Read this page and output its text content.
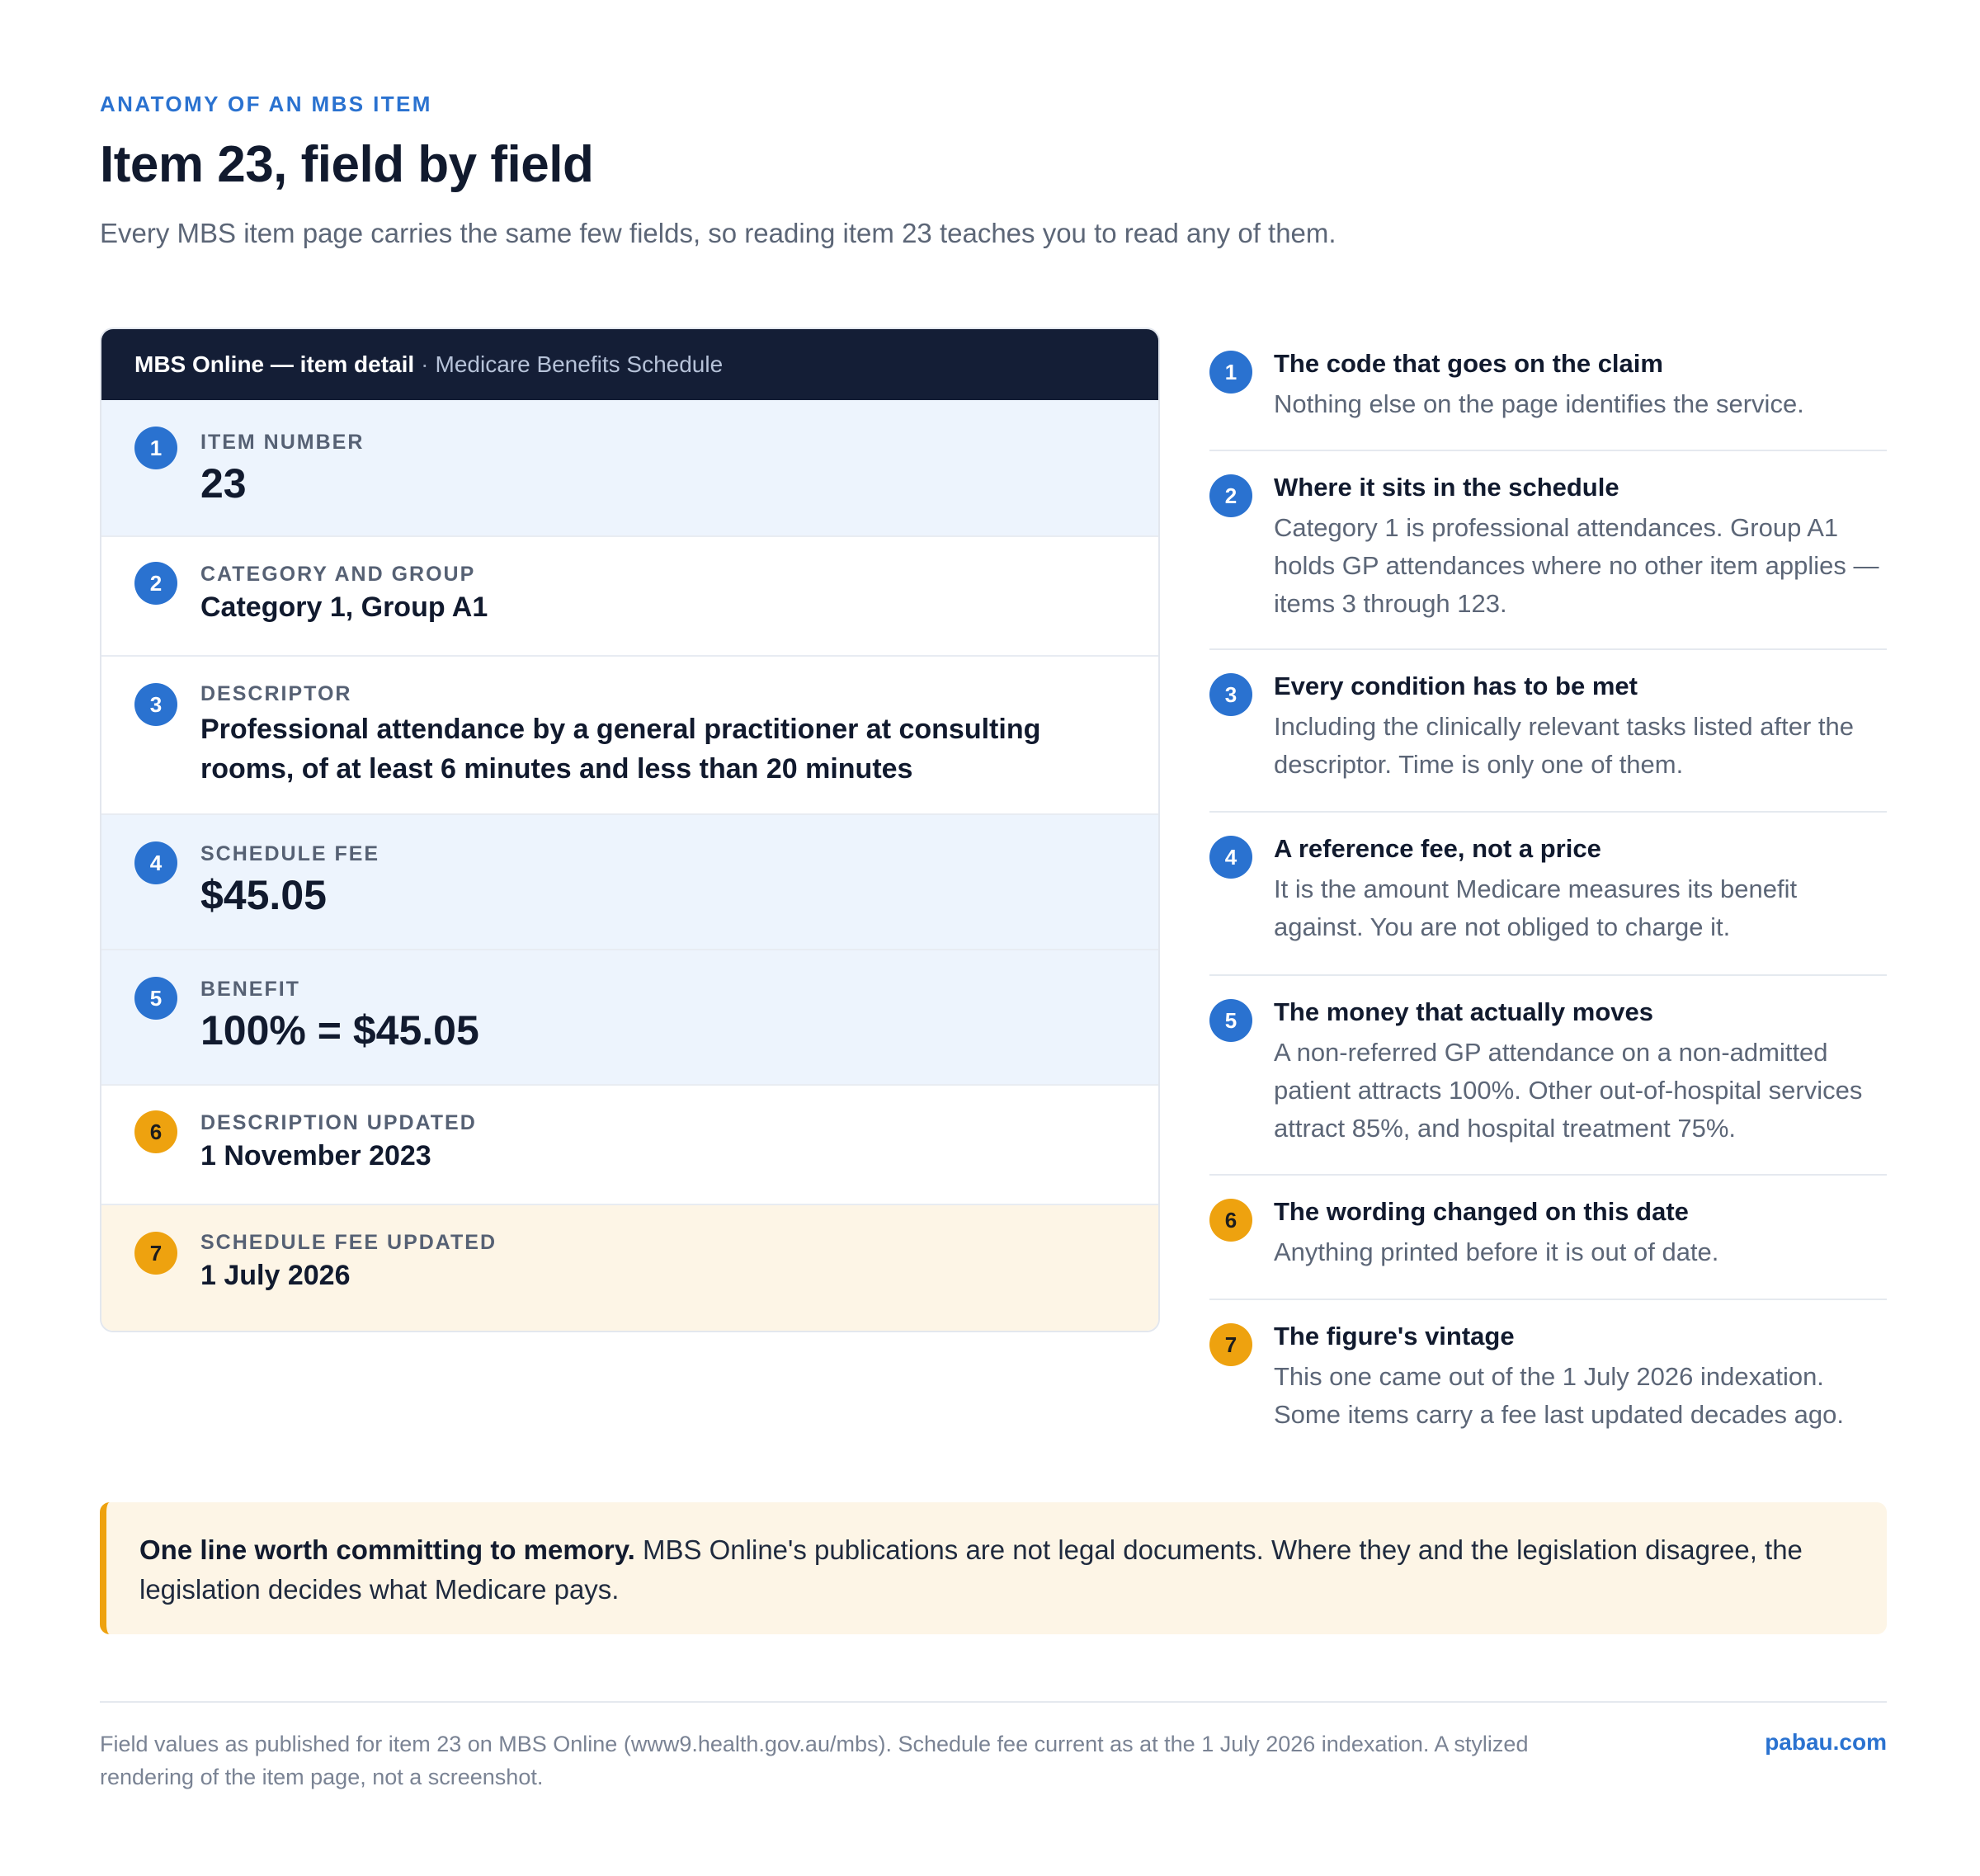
ANATOMY OF AN MBS ITEM
Item 23, field by field
Every MBS item page carries the same few fields, so reading item 23 teaches you to read any of them.
MBS Online — item detail · Medicare Benefits Schedule
1	ITEM NUMBER
23
2	CATEGORY AND GROUP
Category 1, Group A1
3	DESCRIPTOR
Professional attendance by a general practitioner at consulting rooms, of at least 6 minutes and less than 20 minutes
4	SCHEDULE FEE
$45.05
5	BENEFIT
100% = $45.05
6	DESCRIPTION UPDATED
1 November 2023
7	SCHEDULE FEE UPDATED
1 July 2026
1	The code that goes on the claim
Nothing else on the page identifies the service.
2	Where it sits in the schedule
Category 1 is professional attendances. Group A1 holds GP attendances where no other item applies — items 3 through 123.
3	Every condition has to be met
Including the clinically relevant tasks listed after the descriptor. Time is only one of them.
4	A reference fee, not a price
It is the amount Medicare measures its benefit against. You are not obliged to charge it.
5	The money that actually moves
A non-referred GP attendance on a non-admitted patient attracts 100%. Other out-of-hospital services attract 85%, and hospital treatment 75%.
6	The wording changed on this date
Anything printed before it is out of date.
7	The figure's vintage
This one came out of the 1 July 2026 indexation. Some items carry a fee last updated decades ago.
One line worth committing to memory. MBS Online's publications are not legal documents. Where they and the legislation disagree, the legislation decides what Medicare pays.
Field values as published for item 23 on MBS Online (www9.health.gov.au/mbs). Schedule fee current as at the 1 July 2026 indexation. A stylized rendering of the item page, not a screenshot.
pabau.com
